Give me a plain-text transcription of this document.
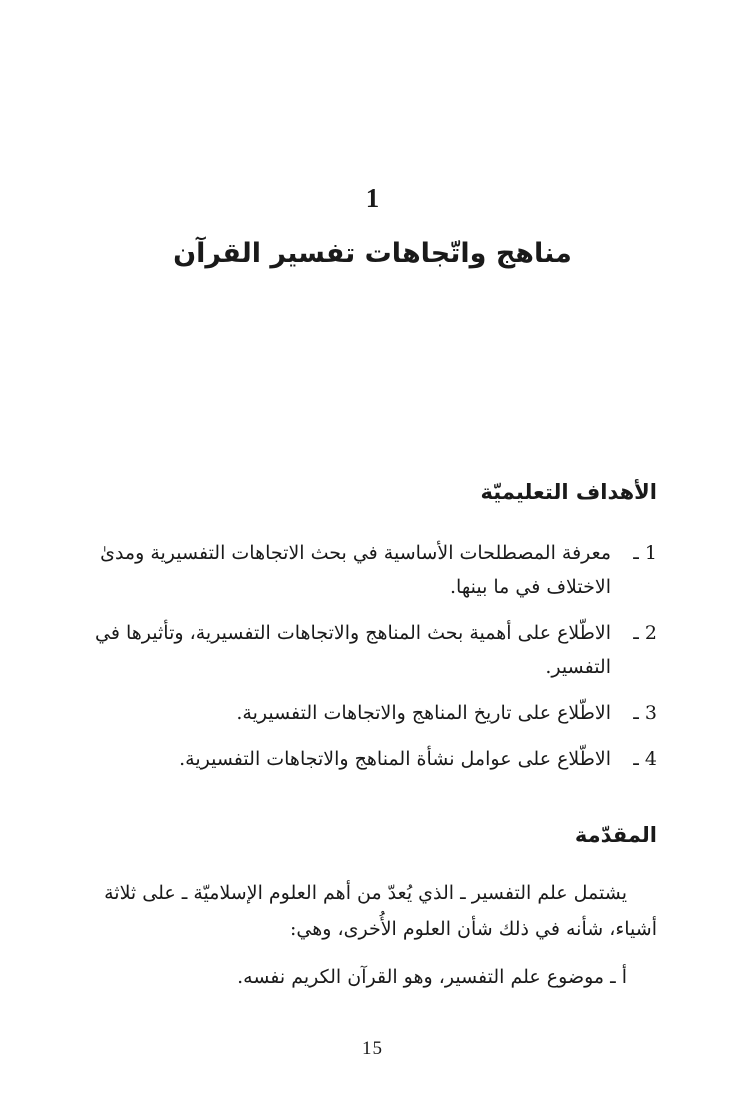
1
مناهج واتّجاهات تفسير القرآن
الأهداف التعليميّة
1 ـ
معرفة المصطلحات الأساسية في بحث الاتجاهات التفسيرية ومدىٰ الاختلاف في ما بينها.
2 ـ
الاطّلاع على أهمية بحث المناهج والاتجاهات التفسيرية، وتأثيرها في التفسير.
3 ـ
الاطّلاع على تاريخ المناهج والاتجاهات التفسيرية.
4 ـ
الاطّلاع على عوامل نشأة المناهج والاتجاهات التفسيرية.
المقدّمة

يشتمل علم التفسير ـ الذي يُعدّ من أهم العلوم الإسلاميّة ـ على ثلاثة أشياء، شأنه في ذلك شأن العلوم الأُخرى، وهي:

أ ـ موضوع علم التفسير، وهو القرآن الكريم نفسه.

15
